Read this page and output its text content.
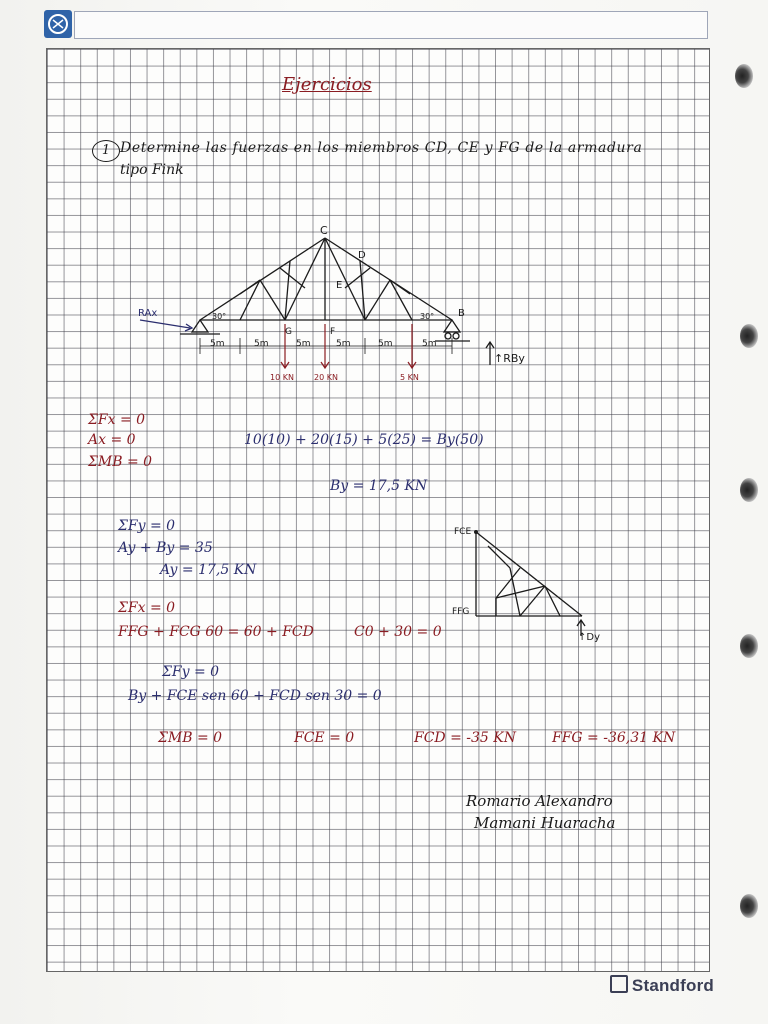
Ejercicios
1 Determine las fuerzas en los miembros CD, CE y FG de la armadura
tipo Fink
C
D
E
B
G	F
30°	30°
RAx
↑RBy
5m	5m	5m	5m	5m	5m
10 KN	20 KN	5 KN
ΣFx = 0
Ax = 0
ΣMB = 0
10(10) + 20(15) + 5(25) = By(50)
By = 17,5 KN
ΣFy = 0
Ay + By = 35
Ay = 17,5 KN
FCE
FFG
↑Dy
ΣFx = 0
FFG + FCG 60 = 60 + FCD	C0 + 30 = 0
ΣFy = 0
By + FCE sen 60 + FCD sen 30 = 0
ΣMB = 0	FCE = 0	FCD = -35 KN	FFG = -36,31 KN
Romario Alexandro
Mamani Huaracha
Standford
